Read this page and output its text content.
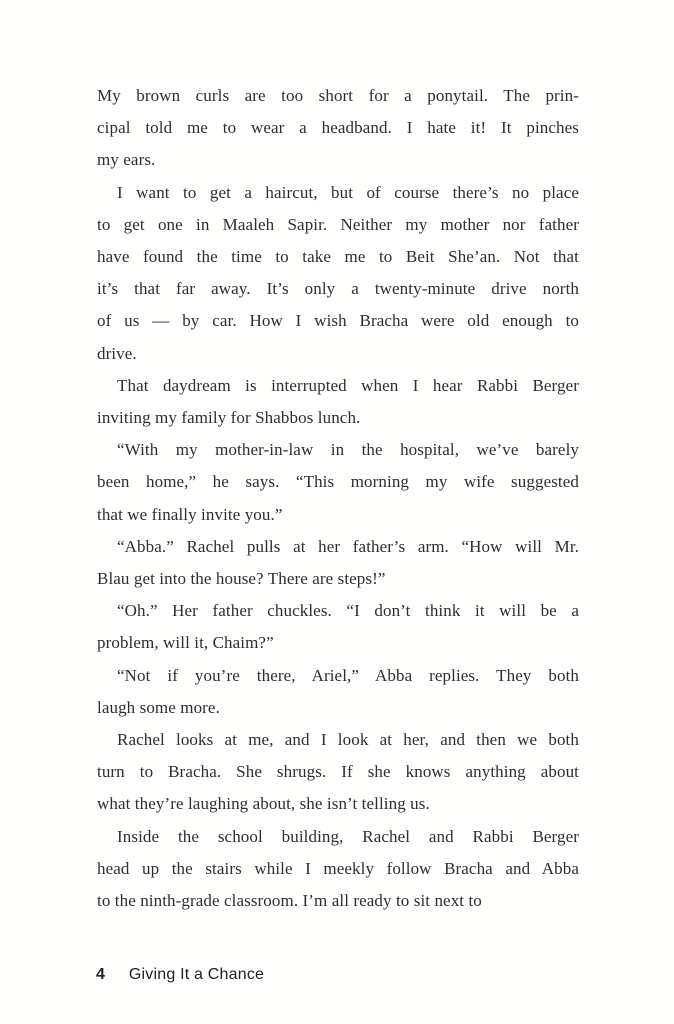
My brown curls are too short for a ponytail. The prin-
cipal told me to wear a headband. I hate it! It pinches
my ears.
I want to get a haircut, but of course there’s no place
to get one in Maaleh Sapir. Neither my mother nor father
have found the time to take me to Beit She’an. Not that
it’s that far away. It’s only a twenty-minute drive north
of us — by car. How I wish Bracha were old enough to
drive.
That daydream is interrupted when I hear Rabbi Berger
inviting my family for Shabbos lunch.
“With my mother-in-law in the hospital, we’ve barely
been home,” he says. “This morning my wife suggested
that we finally invite you.”
“Abba.” Rachel pulls at her father’s arm. “How will Mr.
Blau get into the house? There are steps!”
“Oh.” Her father chuckles. “I don’t think it will be a
problem, will it, Chaim?”
“Not if you’re there, Ariel,” Abba replies. They both
laugh some more.
Rachel looks at me, and I look at her, and then we both
turn to Bracha. She shrugs. If she knows anything about
what they’re laughing about, she isn’t telling us.
Inside the school building, Rachel and Rabbi Berger
head up the stairs while I meekly follow Bracha and Abba
to the ninth-grade classroom. I’m all ready to sit next to
4 Giving It a Chance
